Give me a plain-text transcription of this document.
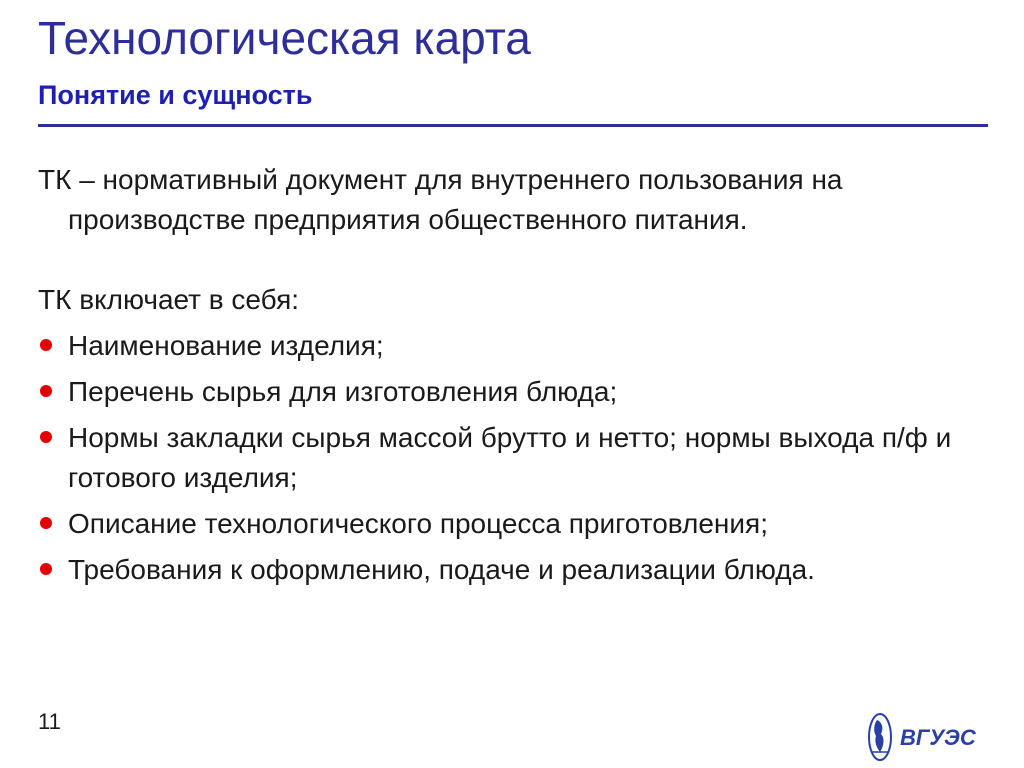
Технологическая карта
Понятие и сущность

ТК – нормативный документ для внутреннего пользования на производстве предприятия общественного питания.

ТК включает в себя:

Наименование изделия;
Перечень сырья для изготовления блюда;
Нормы закладки сырья массой брутто и нетто; нормы выхода п/ф и готового изделия;
Описание технологического процесса приготовления;
Требования к оформлению, подаче и реализации блюда.
11
ВГУЭС
